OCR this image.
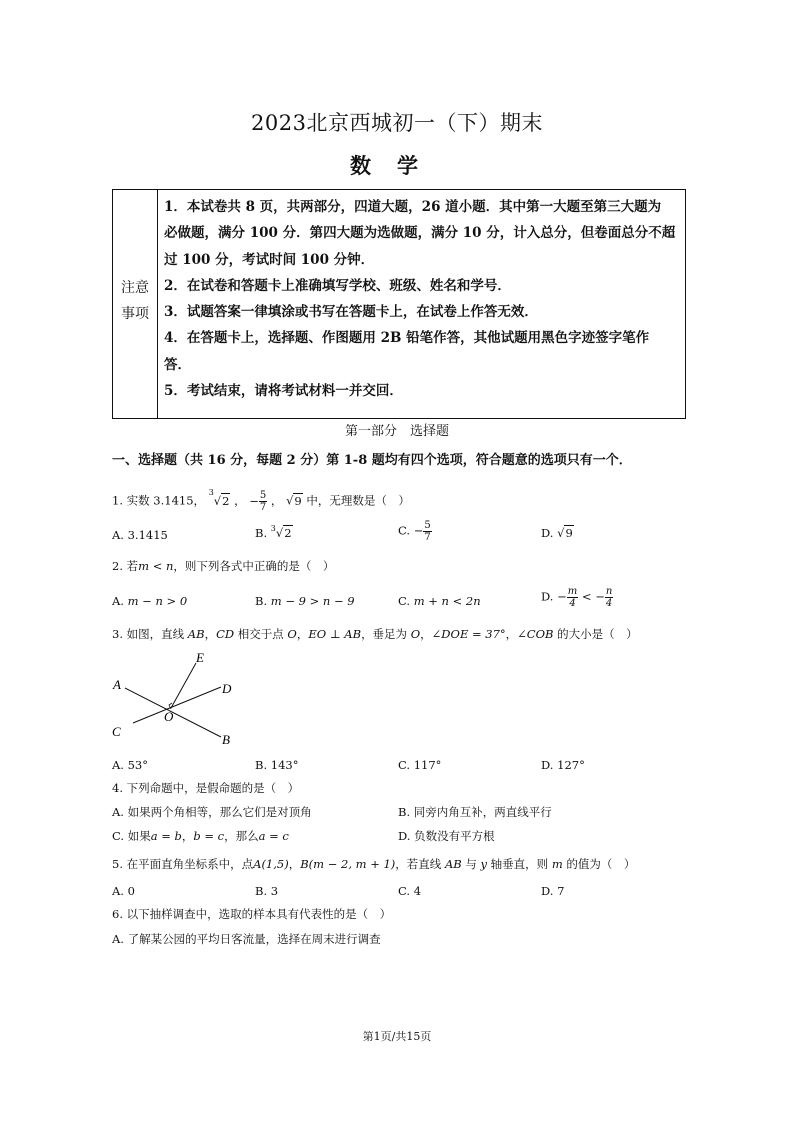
2023北京西城初一（下）期末
数学
注意
事项

1．本试卷共 8 页，共两部分，四道大题，26 道小题．其中第一大题至第三大题为

必做题，满分 100 分．第四大题为选做题，满分 10 分，计入总分，但卷面总分不超

过 100 分，考试时间 100 分钟．

2．在试卷和答题卡上准确填写学校、班级、姓名和学号．

3．试题答案一律填涂或书写在答题卡上，在试卷上作答无效．

4．在答题卡上，选择题、作图题用 2B 铅笔作答，其他试题用黑色字迹签字笔作

答．

5．考试结束，请将考试材料一并交回．

第一部分　选择题
一、选择题（共 16 分，每题 2 分）第 1-8 题均有四个选项，符合题意的选项只有一个．
1. 实数 3.1415， $^3$√2 ， − $\frac{5}{7}$ ， √9 中，无理数是（　）
A. 3.1415	B. $^3$√2	C. − $\frac{5}{7}$	D. √9
2. 若m < n，则下列各式中正确的是（　）
A. m − n > 0	B. m − 9 > n − 9	C. m + n < 2n	D. − $\frac{m}{4}$ < − $\frac{n}{4}$
3. 如图，直线 AB，CD 相交于点 O，EO ⊥ AB，垂足为 O，∠DOE = 37°，∠COB 的大小是（　）
E
A	D
C
O
B
A. 53°	B. 143°	C. 117°	D. 127°
4. 下列命题中，是假命题的是（　）
A. 如果两个角相等，那么它们是对顶角	B. 同旁内角互补，两直线平行
C. 如果a = b，b = c，那么a = c	D. 负数没有平方根
5. 在平面直角坐标系中，点A(1,5)，B(m − 2, m + 1)，若直线 AB 与 y 轴垂直，则 m 的值为（　）
A. 0	B. 3	C. 4	D. 7
6. 以下抽样调查中，选取的样本具有代表性的是（　）
A. 了解某公园的平均日客流量，选择在周末进行调查
第1页/共15页
